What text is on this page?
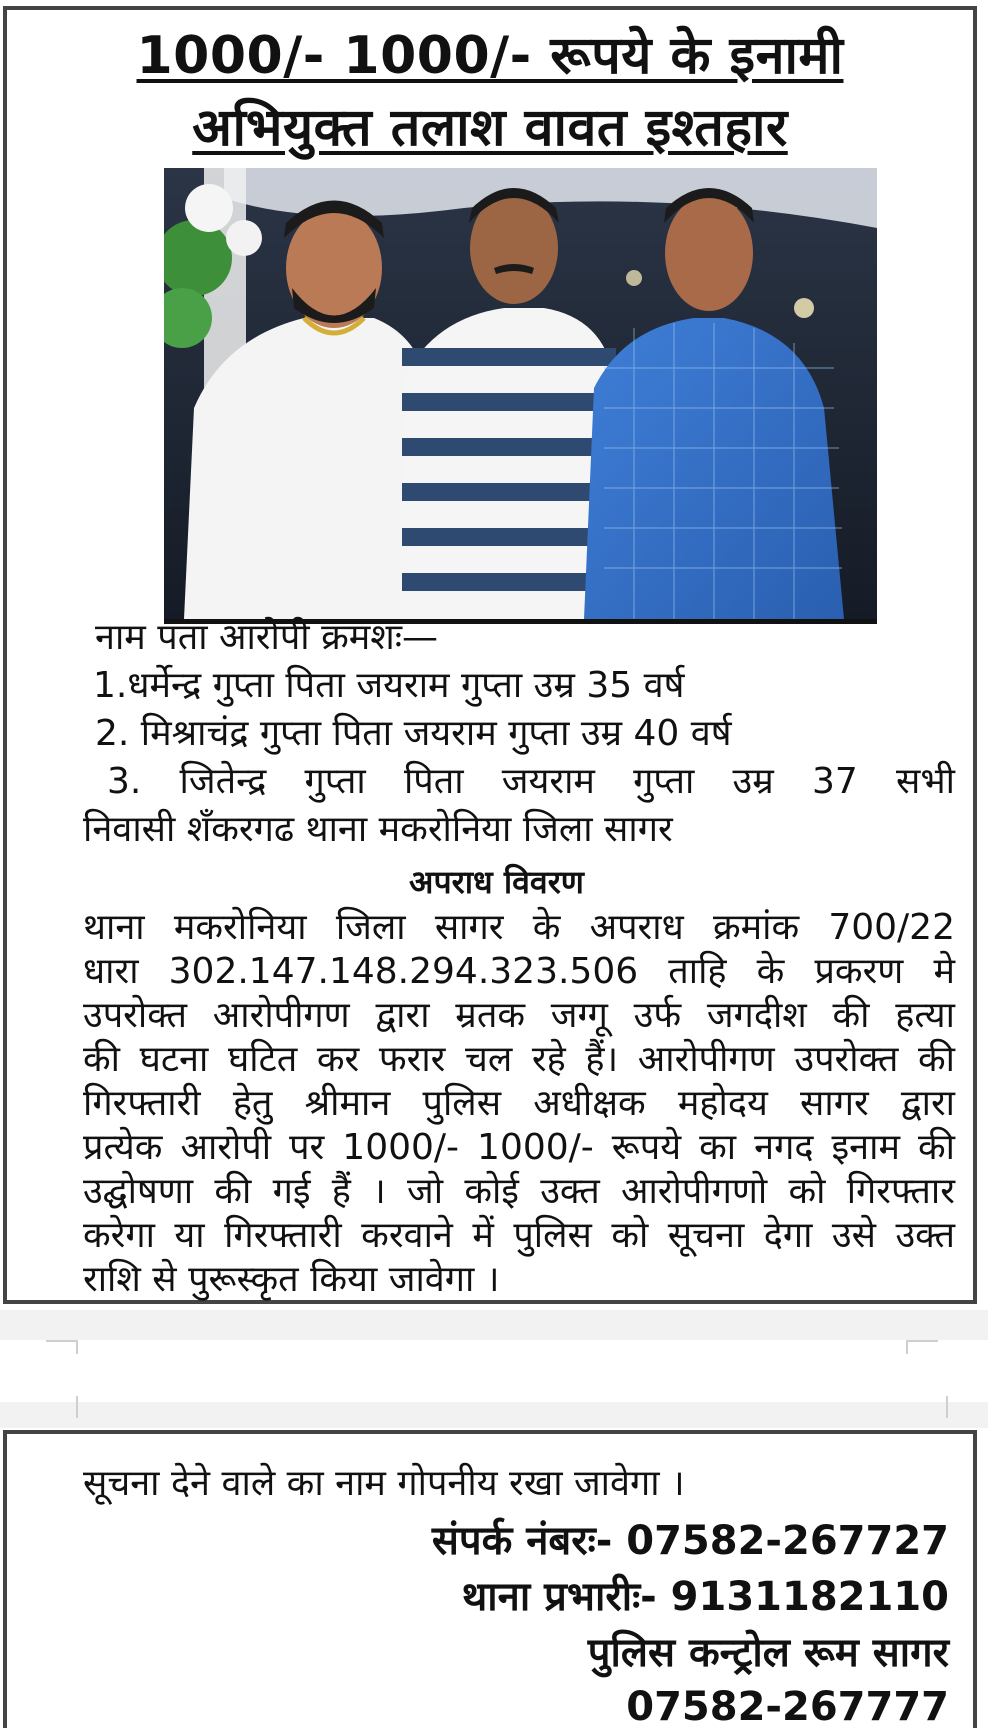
1000/- 1000/- रूपये के इनामी
अभियुक्त तलाश वावत इश्तहार

नाम पता आरोपी क्रमशः—

1.धर्मेन्द्र गुप्ता पिता जयराम गुप्ता उम्र 35 वर्ष

2. मिश्राचंद्र गुप्ता पिता जयराम गुप्ता उम्र 40 वर्ष

3. जितेन्द्र गुप्ता पिता जयराम गुप्ता उम्र 37 सभी

निवासी शँकरगढ थाना मकरोनिया जिला सागर

अपराध विवरण

थाना मकरोनिया जिला सागर के अपराध क्रमांक 700/22

धारा 302.147.148.294.323.506 ताहि के प्रकरण मे

उपरोक्त आरोपीगण द्वारा म्रतक जग्गू उर्फ जगदीश की हत्या

की घटना घटित कर फरार चल रहे हैं। आरोपीगण उपरोक्त की

गिरफ्तारी हेतु श्रीमान पुलिस अधीक्षक महोदय सागर द्वारा

प्रत्येक आरोपी पर 1000/- 1000/- रूपये का नगद इनाम की

उद्घोषणा की गई हैं । जो कोई उक्त आरोपीगणो को गिरफ्तार

करेगा या गिरफ्तारी करवाने में पुलिस को सूचना देगा उसे उक्त

राशि से पुरूस्कृत किया जावेगा ।

सूचना देने वाले का नाम गोपनीय रखा जावेगा ।

संपर्क नंबरः- 07582-267727

थाना प्रभारीः- 9131182110

पुलिस कन्ट्रोल रूम सागर

07582-267777
